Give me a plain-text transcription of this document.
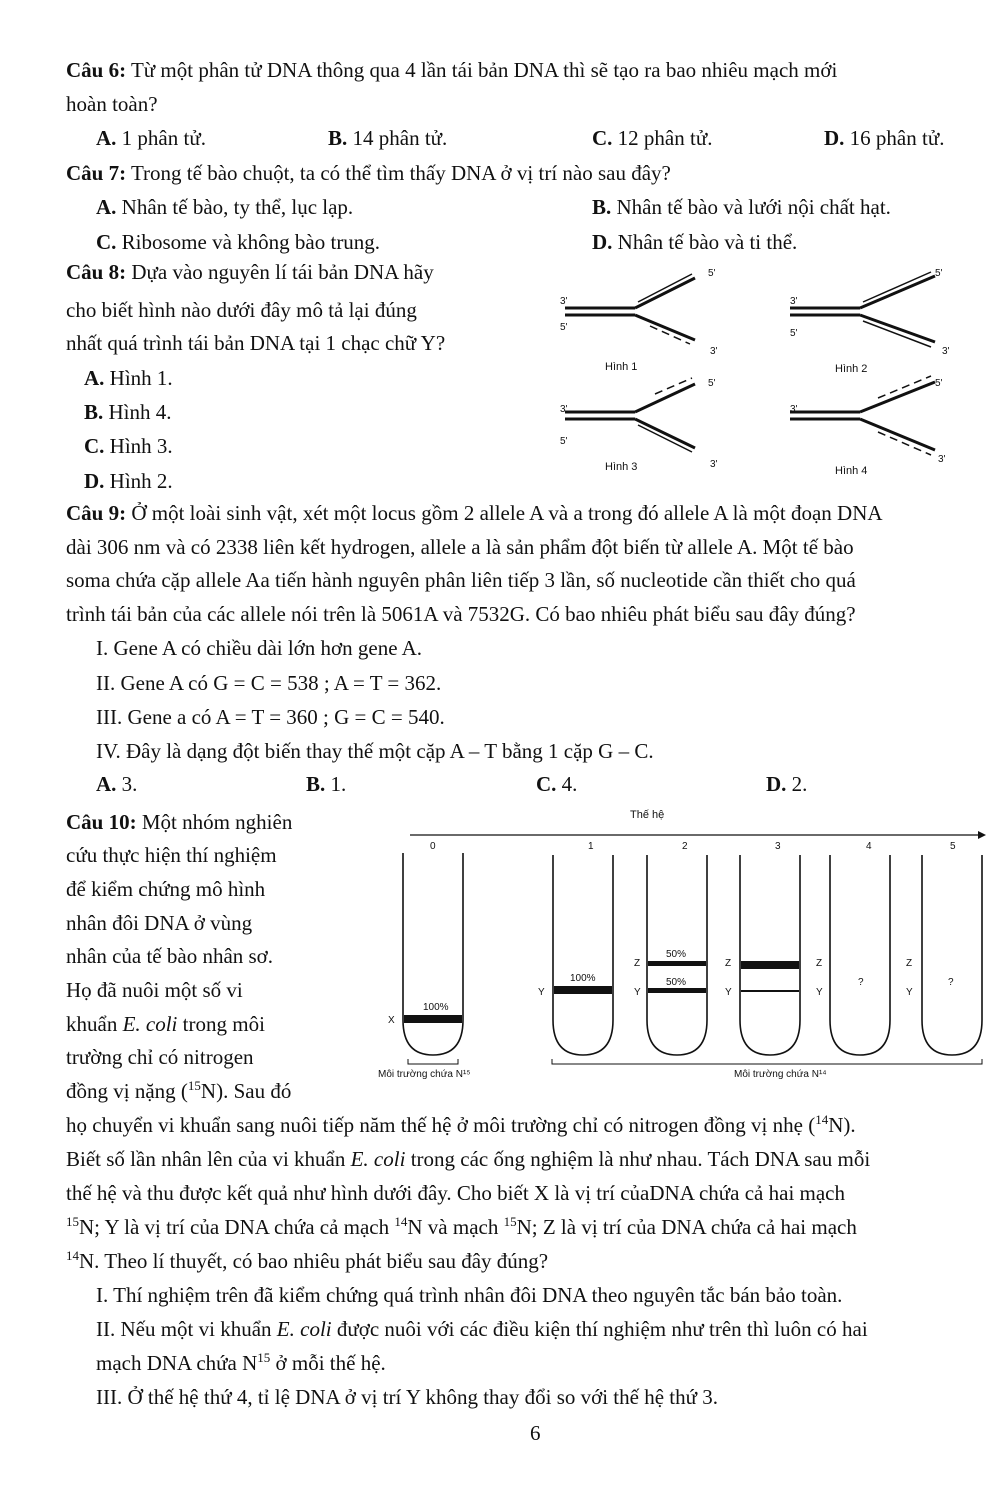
Câu 6: Từ một phân tử DNA thông qua 4 lần tái bản DNA thì sẽ tạo ra bao nhiêu mạch mới
hoàn toàn?
A. 1 phân tử.	B. 14 phân tử.	C. 12 phân tử.	D. 16 phân tử.
Câu 7: Trong tế bào chuột, ta có thể tìm thấy DNA ở vị trí nào sau đây?
A. Nhân tế bào, ty thể, lục lạp.	B. Nhân tế bào và lưới nội chất hạt.
C. Ribosome và không bào trung.	D. Nhân tế bào và ti thể.
Câu 8: Dựa vào nguyên lí tái bản DNA hãy
cho biết hình nào dưới đây mô tả lại đúng
nhất quá trình tái bản DNA tại 1 chạc chữ Y?
A. Hình 1.
B. Hình 4.
C. Hình 3.
D. Hình 2.
5'
3'
5'
3'
Hình 1
5'
3'
5'
3'
Hình 2
5'
3'
5'
3'
Hình 3
5'
3'
3'
Hình 4
Câu 9: Ở một loài sinh vật, xét một locus gồm 2 allele A và a trong đó allele A là một đoạn DNA
dài 306 nm và có 2338 liên kết hydrogen, allele a là sản phẩm đột biến từ allele A. Một tế bào
soma chứa cặp allele Aa tiến hành nguyên phân liên tiếp 3 lần, số nucleotide cần thiết cho quá
trình tái bản của các allele nói trên là 5061A và 7532G. Có bao nhiêu phát biểu sau đây đúng?
I. Gene A có chiều dài lớn hơn gene A.
II. Gene A có G = C = 538 ; A = T = 362.
III. Gene a có A = T = 360 ; G = C = 540.
IV. Đây là dạng đột biến thay thế một cặp A – T bằng 1 cặp G – C.
A. 3.	B. 1.	C. 4.	D. 2.
Câu 10: Một nhóm nghiên
cứu thực hiện thí nghiệm
để kiểm chứng mô hình
nhân đôi DNA ở vùng
nhân của tế bào nhân sơ.
Họ đã nuôi một số vi
khuẩn E. coli trong môi
trường chỉ có nitrogen
đồng vị nặng ($^{15}$N). Sau đó
họ chuyển vi khuẩn sang nuôi tiếp năm thế hệ ở môi trường chỉ có nitrogen đồng vị nhẹ ($^{14}$N).
Biết số lần nhân lên của vi khuẩn E. coli trong các ống nghiệm là như nhau. Tách DNA sau mỗi
thế hệ và thu được kết quả như hình dưới đây. Cho biết X là vị trí củaDNA chứa cả hai mạch
$^{15}$N; Y là vị trí của DNA chứa cả mạch $^{14}$N và mạch $^{15}$N; Z là vị trí của DNA chứa cả hai mạch
$^{14}$N. Theo lí thuyết, có bao nhiêu phát biểu sau đây đúng?
I. Thí nghiệm trên đã kiểm chứng quá trình nhân đôi DNA theo nguyên tắc bán bảo toàn.
II. Nếu một vi khuẩn E. coli được nuôi với các điều kiện thí nghiệm như trên thì luôn có hai
mạch DNA chứa $N^{15}$ ở mỗi thế hệ.
III. Ở thế hệ thứ 4, tỉ lệ DNA ở vị trí Y không thay đổi so với thế hệ thứ 3.
Thế hệ
0	1	2	3	4	5
100%
X
100%
Y
50%
50%
Z
Y
Z
Y
Z
Y
?
Z
Y
?
Môi trường chứa N¹⁵	Môi trường chứa N¹⁴
6
